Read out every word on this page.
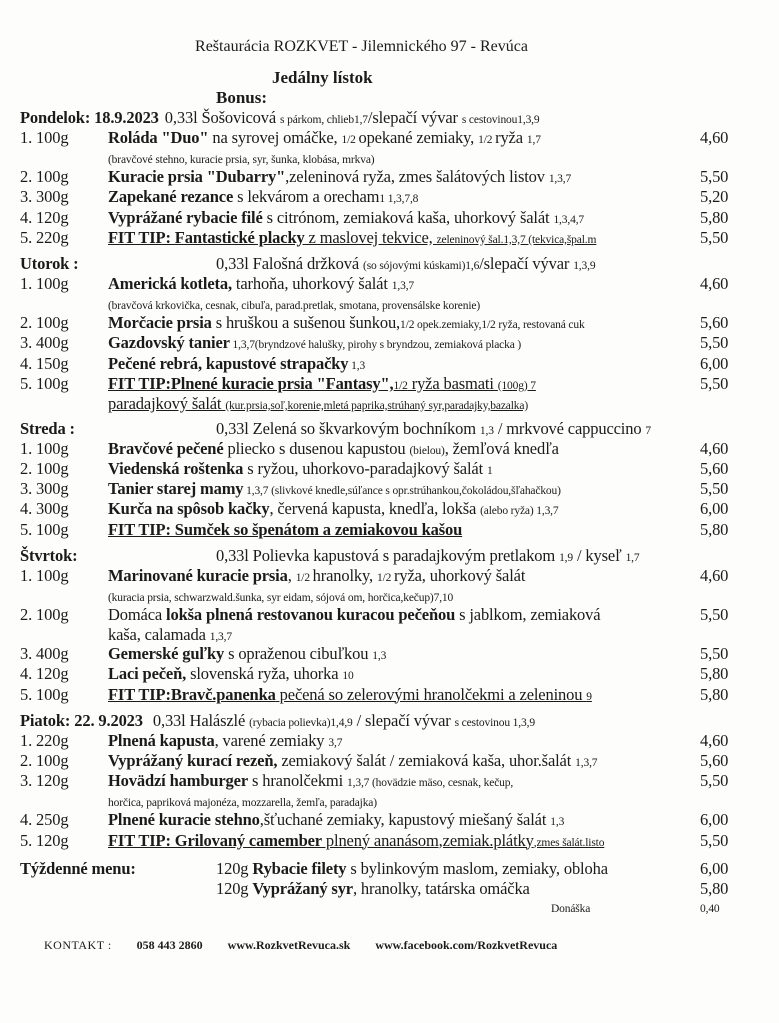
Reštaurácia ROZKVET - Jilemnického 97 - Revúca
Jedálny lístok
Bonus:
Pondelok: 18.9.2023 0,33l Šošovicová s párkom, chlieb1,7/slepačí vývar s cestovinou1,3,9
1. 100g Roláda "Duo" na syrovej omáčke, 1/2 opekané zemiaky, 1/2 ryža 1,7	4,60
(bravčové stehno, kuracie prsia, syr, šunka, klobása, mrkva)
2. 100g Kuracie prsia "Dubarry",zeleninová ryža, zmes šalátových listov 1,3,7	5,50
3. 300g Zapekané rezance s lekvárom a orecham1 1,3,7,8	5,20
4. 120g Vyprážané rybacie filé s citrónom, zemiaková kaša, uhorkový šalát 1,3,4,7	5,80
5. 220g FIT TIP: Fantastické placky z maslovej tekvice, zeleninový šal.1,3,7 (tekvica,špal.m	5,50
Utorok :	0,33l Falošná držková (so sójovými kúskami)1,6/slepačí vývar 1,3,9
1. 100g Americká kotleta, tarhoňa, uhorkový šalát 1,3,7	4,60
(bravčová krkovička, cesnak, cibuľa, parad.pretlak, smotana, provensálske korenie)
2. 100g Morčacie prsia s hruškou a sušenou šunkou,1/2 opek.zemiaky,1/2 ryža, restovaná cuk	5,60
3. 400g Gazdovský tanier 1,3,7(bryndzové halušky, pirohy s bryndzou, zemiaková placka )	5,50
4. 150g Pečené rebrá, kapustové strapačky 1,3	6,00
5. 100g FIT TIP:Plnené kuracie prsia "Fantasy",1/2 ryža basmati (100g) 7	5,50
paradajkový šalát (kur.prsia,soľ,korenie,mletá paprika,strúhaný syr,paradajky,bazalka)
Streda :	0,33l Zelená so škvarkovým bochníkom 1,3 / mrkvové cappuccino 7
1. 100g Bravčové pečené pliecko s dusenou kapustou (bielou), žemľová knedľa	4,60
2. 100g Viedenská roštenka s ryžou, uhorkovo-paradajkový šalát 1	5,60
3. 300g Tanier starej mamy 1,3,7 (slivkové knedle,súľance s opr.strúhankou,čokoládou,šľahačkou)	5,50
4. 300g Kurča na spôsob kačky, červená kapusta, knedľa, lokša (alebo ryža) 1,3,7	6,00
5. 100g FIT TIP: Sumček so špenátom a zemiakovou kašou	5,80
Štvrtok:	0,33l Polievka kapustová s paradajkovým pretlakom 1,9 / kyseľ 1,7
1. 100g Marinované kuracie prsia, 1/2 hranolky, 1/2 ryža, uhorkový šalát	4,60
(kuracia prsia, schwarzwald.šunka, syr eidam, sójová om, horčica,kečup)7,10
2. 100g Domáca lokša plnená restovanou kuracou pečeňou s jablkom, zemiaková	5,50
kaša, calamada 1,3,7
3. 400g Gemerské guľky s opraženou cibuľkou 1,3	5,50
4. 120g Laci pečeň, slovenská ryža, uhorka 10	5,80
5. 100g FIT TIP:Bravč.panenka pečená so zelerovými hranolčekmi a zeleninou 9	5,80
Piatok: 22. 9.2023 0,33l Halászlé (rybacia polievka)1,4,9 / slepačí vývar s cestovinou 1,3,9
1. 220g Plnená kapusta, varené zemiaky 3,7	4,60
2. 100g Vyprážaný kurací rezeň, zemiakový šalát / zemiaková kaša, uhor.šalát 1,3,7	5,60
3. 120g Hovädzí hamburger s hranolčekmi 1,3,7 (hovädzie mäso, cesnak, kečup,	5,50
horčica, papriková majonéza, mozzarella, žemľa, paradajka)
4. 250g Plnené kuracie stehno,šťuchané zemiaky, kapustový miešaný šalát 1,3	6,00
5. 120g FIT TIP: Grilovaný camember plnený ananásom,zemiak.plátky,zmes šalát.listo	5,50
Týždenné menu:	120g Rybacie filety s bylinkovým maslom, zemiaky, obloha	6,00
120g Vyprážaný syr, hranolky, tatárska omáčka	5,80
Donáška	0,40
KONTAKT : 058 443 2860 www.RozkvetRevuca.sk www.facebook.com/RozkvetRevuca
